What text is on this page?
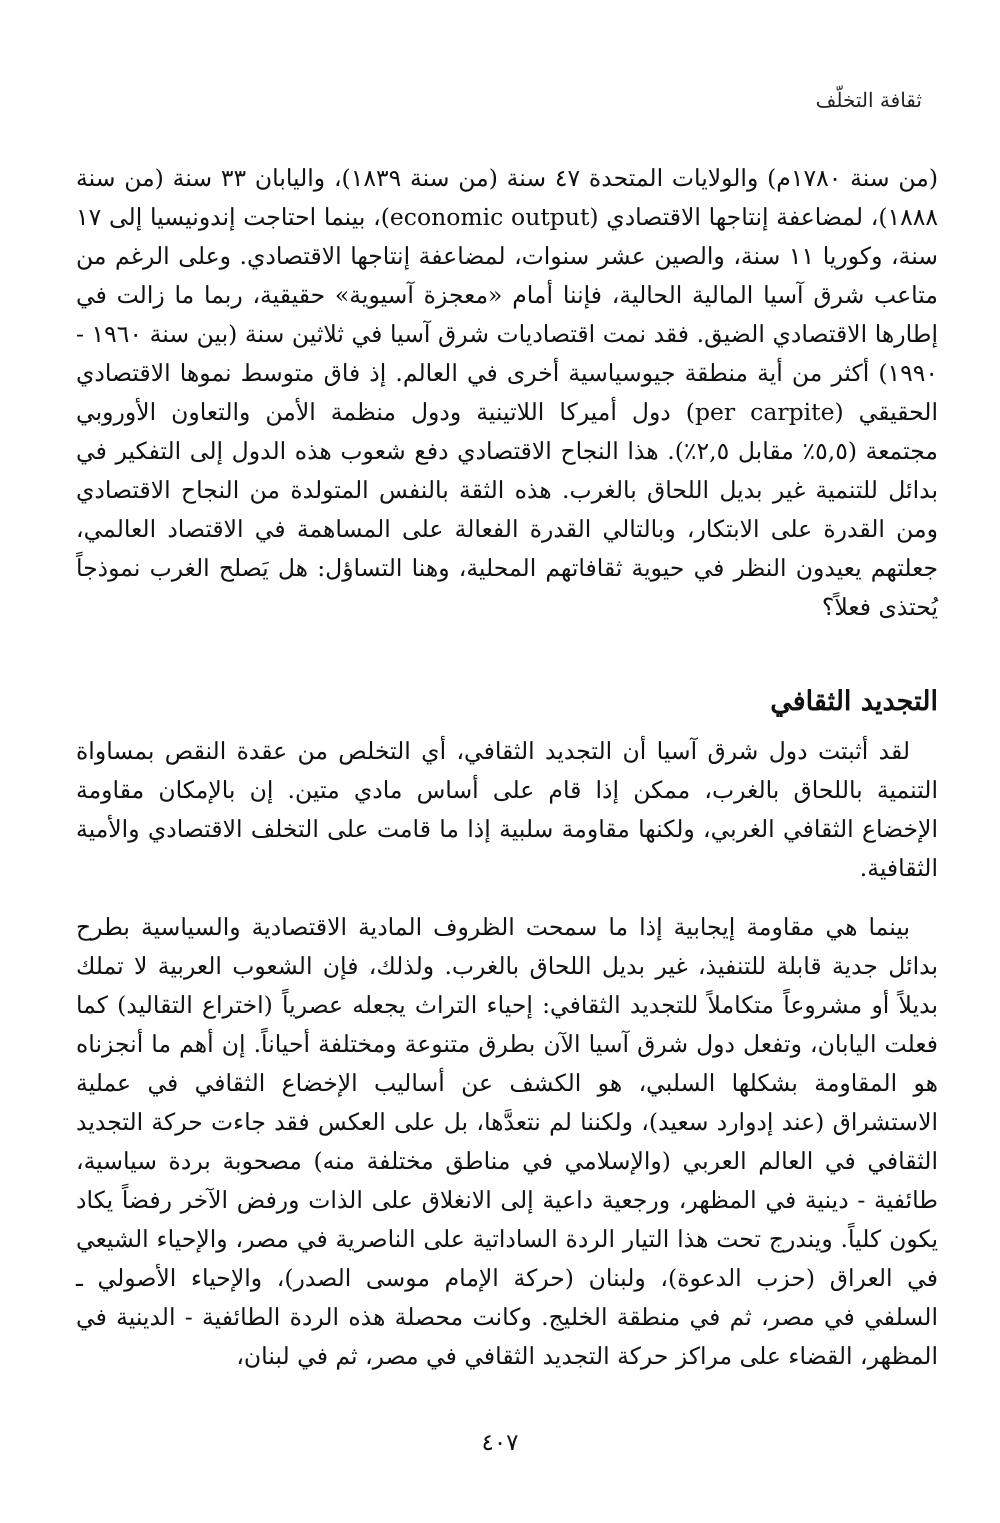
ثقافة التخلّف

(من سنة ١٧٨٠م) والولايات المتحدة ٤٧ سنة (من سنة ١٨٣٩)، واليابان ٣٣ سنة (من سنة ١٨٨٨)، لمضاعفة إنتاجها الاقتصادي (economic output)، بينما احتاجت إندونيسيا إلى ١٧ سنة، وكوريا ١١ سنة، والصين عشر سنوات، لمضاعفة إنتاجها الاقتصادي. وعلى الرغم من متاعب شرق آسيا المالية الحالية، فإننا أمام «معجزة آسيوية» حقيقية، ربما ما زالت في إطارها الاقتصادي الضيق. فقد نمت اقتصاديات شرق آسيا في ثلاثين سنة (بين سنة ١٩٦٠ - ١٩٩٠) أكثر من أية منطقة جيوسياسية أخرى في العالم. إذ فاق متوسط نموها الاقتصادي الحقيقي (per carpite) دول أميركا اللاتينية ودول منظمة الأمن والتعاون الأوروبي مجتمعة (٥,٥٪ مقابل ٢,٥٪). هذا النجاح الاقتصادي دفع شعوب هذه الدول إلى التفكير في بدائل للتنمية غير بديل اللحاق بالغرب. هذه الثقة بالنفس المتولدة من النجاح الاقتصادي ومن القدرة على الابتكار، وبالتالي القدرة الفعالة على المساهمة في الاقتصاد العالمي، جعلتهم يعيدون النظر في حيوية ثقافاتهم المحلية، وهنا التساؤل: هل يَصلح الغرب نموذجاً يُحتذى فعلاً؟

التجديد الثقافي

لقد أثبتت دول شرق آسيا أن التجديد الثقافي، أي التخلص من عقدة النقص بمساواة التنمية باللحاق بالغرب، ممكن إذا قام على أساس مادي متين. إن بالإمكان مقاومة الإخضاع الثقافي الغربي، ولكنها مقاومة سلبية إذا ما قامت على التخلف الاقتصادي والأمية الثقافية.

بينما هي مقاومة إيجابية إذا ما سمحت الظروف المادية الاقتصادية والسياسية بطرح بدائل جدية قابلة للتنفيذ، غير بديل اللحاق بالغرب. ولذلك، فإن الشعوب العربية لا تملك بديلاً أو مشروعاً متكاملاً للتجديد الثقافي: إحياء التراث يجعله عصرياً (اختراع التقاليد) كما فعلت اليابان، وتفعل دول شرق آسيا الآن بطرق متنوعة ومختلفة أحياناً. إن أهم ما أنجزناه هو المقاومة بشكلها السلبي، هو الكشف عن أساليب الإخضاع الثقافي في عملية الاستشراق (عند إدوارد سعيد)، ولكننا لم نتعدَّها، بل على العكس فقد جاءت حركة التجديد الثقافي في العالم العربي (والإسلامي في مناطق مختلفة منه) مصحوبة بردة سياسية، طائفية - دينية في المظهر، ورجعية داعية إلى الانغلاق على الذات ورفض الآخر رفضاً يكاد يكون كلياً. ويندرج تحت هذا التيار الردة الساداتية على الناصرية في مصر، والإحياء الشيعي في العراق (حزب الدعوة)، ولبنان (حركة الإمام موسى الصدر)، والإحياء الأصولي ـ السلفي في مصر، ثم في منطقة الخليج. وكانت محصلة هذه الردة الطائفية - الدينية في المظهر، القضاء على مراكز حركة التجديد الثقافي في مصر، ثم في لبنان،

٤٠٧
